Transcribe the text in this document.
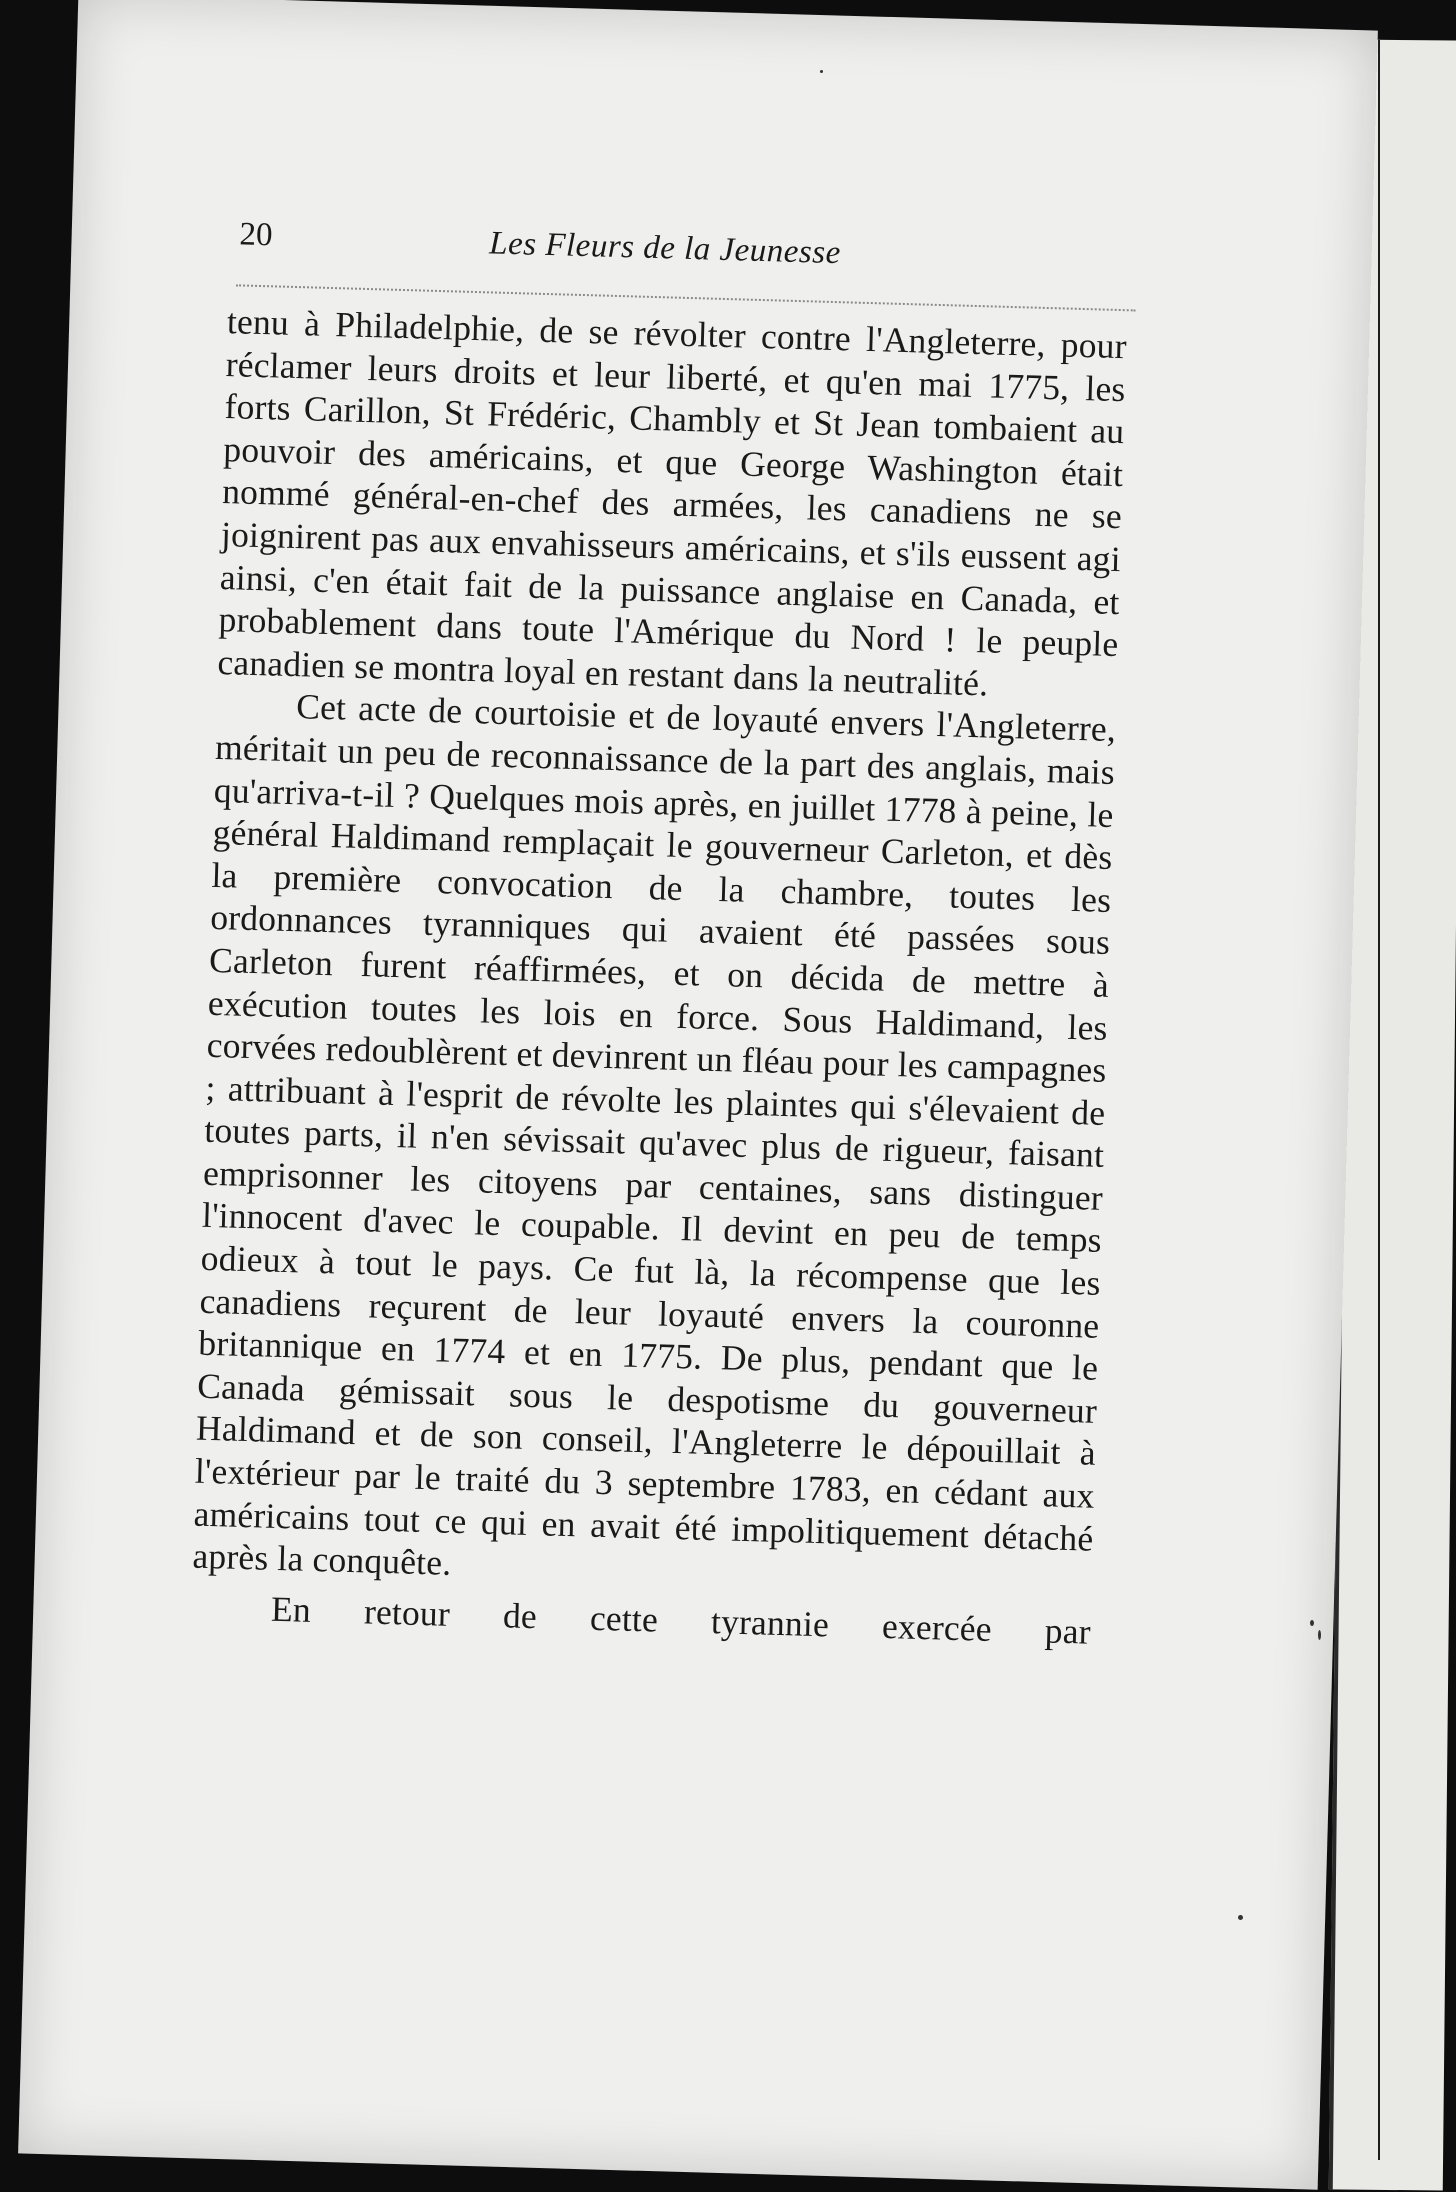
20	Les Fleurs de la Jeunesse

tenu à Philadelphie, de se révolter contre l'Angleterre, pour réclamer leurs droits et leur liberté, et qu'en mai 1775, les forts Carillon, St Frédéric, Chambly et St Jean tombaient au pouvoir des américains, et que George Washington était nommé général-en-chef des armées, les canadiens ne se joignirent pas aux envahisseurs américains, et s'ils eussent agi ainsi, c'en était fait de la puissance anglaise en Canada, et probablement dans toute l'Amérique du Nord ! le peuple canadien se montra loyal en restant dans la neutralité.

Cet acte de courtoisie et de loyauté envers l'Angleterre, méritait un peu de reconnaissance de la part des anglais, mais qu'arriva-t-il ? Quelques mois après, en juillet 1778 à peine, le général Haldimand remplaçait le gouverneur Carleton, et dès la première convocation de la chambre, toutes les ordonnances tyranniques qui avaient été passées sous Carleton furent réaffirmées, et on décida de mettre à exécution toutes les lois en force. Sous Haldimand, les corvées redoublèrent et devinrent un fléau pour les campagnes ; attribuant à l'esprit de révolte les plaintes qui s'élevaient de toutes parts, il n'en sévissait qu'avec plus de rigueur, faisant emprisonner les citoyens par centaines, sans distinguer l'innocent d'avec le coupable. Il devint en peu de temps odieux à tout le pays. Ce fut là, la récompense que les canadiens reçurent de leur loyauté envers la couronne britannique en 1774 et en 1775. De plus, pendant que le Canada gémissait sous le despotisme du gouverneur Haldimand et de son conseil, l'Angleterre le dépouillait à l'extérieur par le traité du 3 septembre 1783, en cédant aux américains tout ce qui en avait été impolitiquement détaché après la conquête.

En retour de cette tyrannie exercée par
